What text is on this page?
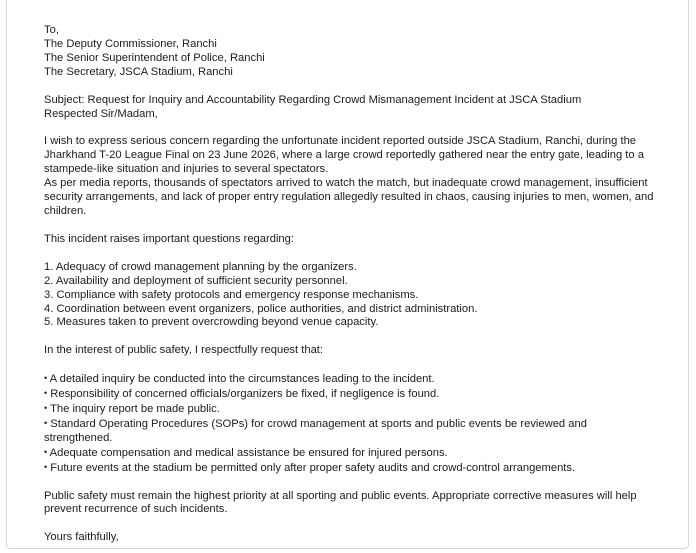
To,
The Deputy Commissioner, Ranchi
The Senior Superintendent of Police, Ranchi
The Secretary, JSCA Stadium, Ranchi
Subject: Request for Inquiry and Accountability Regarding Crowd Mismanagement Incident at JSCA Stadium
Respected Sir/Madam,
I wish to express serious concern regarding the unfortunate incident reported outside JSCA Stadium, Ranchi, during the Jharkhand T-20 League Final on 23 June 2026, where a large crowd reportedly gathered near the entry gate, leading to a stampede-like situation and injuries to several spectators.
As per media reports, thousands of spectators arrived to watch the match, but inadequate crowd management, insufficient security arrangements, and lack of proper entry regulation allegedly resulted in chaos, causing injuries to men, women, and children.
This incident raises important questions regarding:
1. Adequacy of crowd management planning by the organizers.
2. Availability and deployment of sufficient security personnel.
3. Compliance with safety protocols and emergency response mechanisms.
4. Coordination between event organizers, police authorities, and district administration.
5. Measures taken to prevent overcrowding beyond venue capacity.
In the interest of public safety, I respectfully request that:
• A detailed inquiry be conducted into the circumstances leading to the incident.
• Responsibility of concerned officials/organizers be fixed, if negligence is found.
• The inquiry report be made public.
• Standard Operating Procedures (SOPs) for crowd management at sports and public events be reviewed and strengthened.
• Adequate compensation and medical assistance be ensured for injured persons.
• Future events at the stadium be permitted only after proper safety audits and crowd-control arrangements.
Public safety must remain the highest priority at all sporting and public events. Appropriate corrective measures will help prevent recurrence of such incidents.
Yours faithfully,
